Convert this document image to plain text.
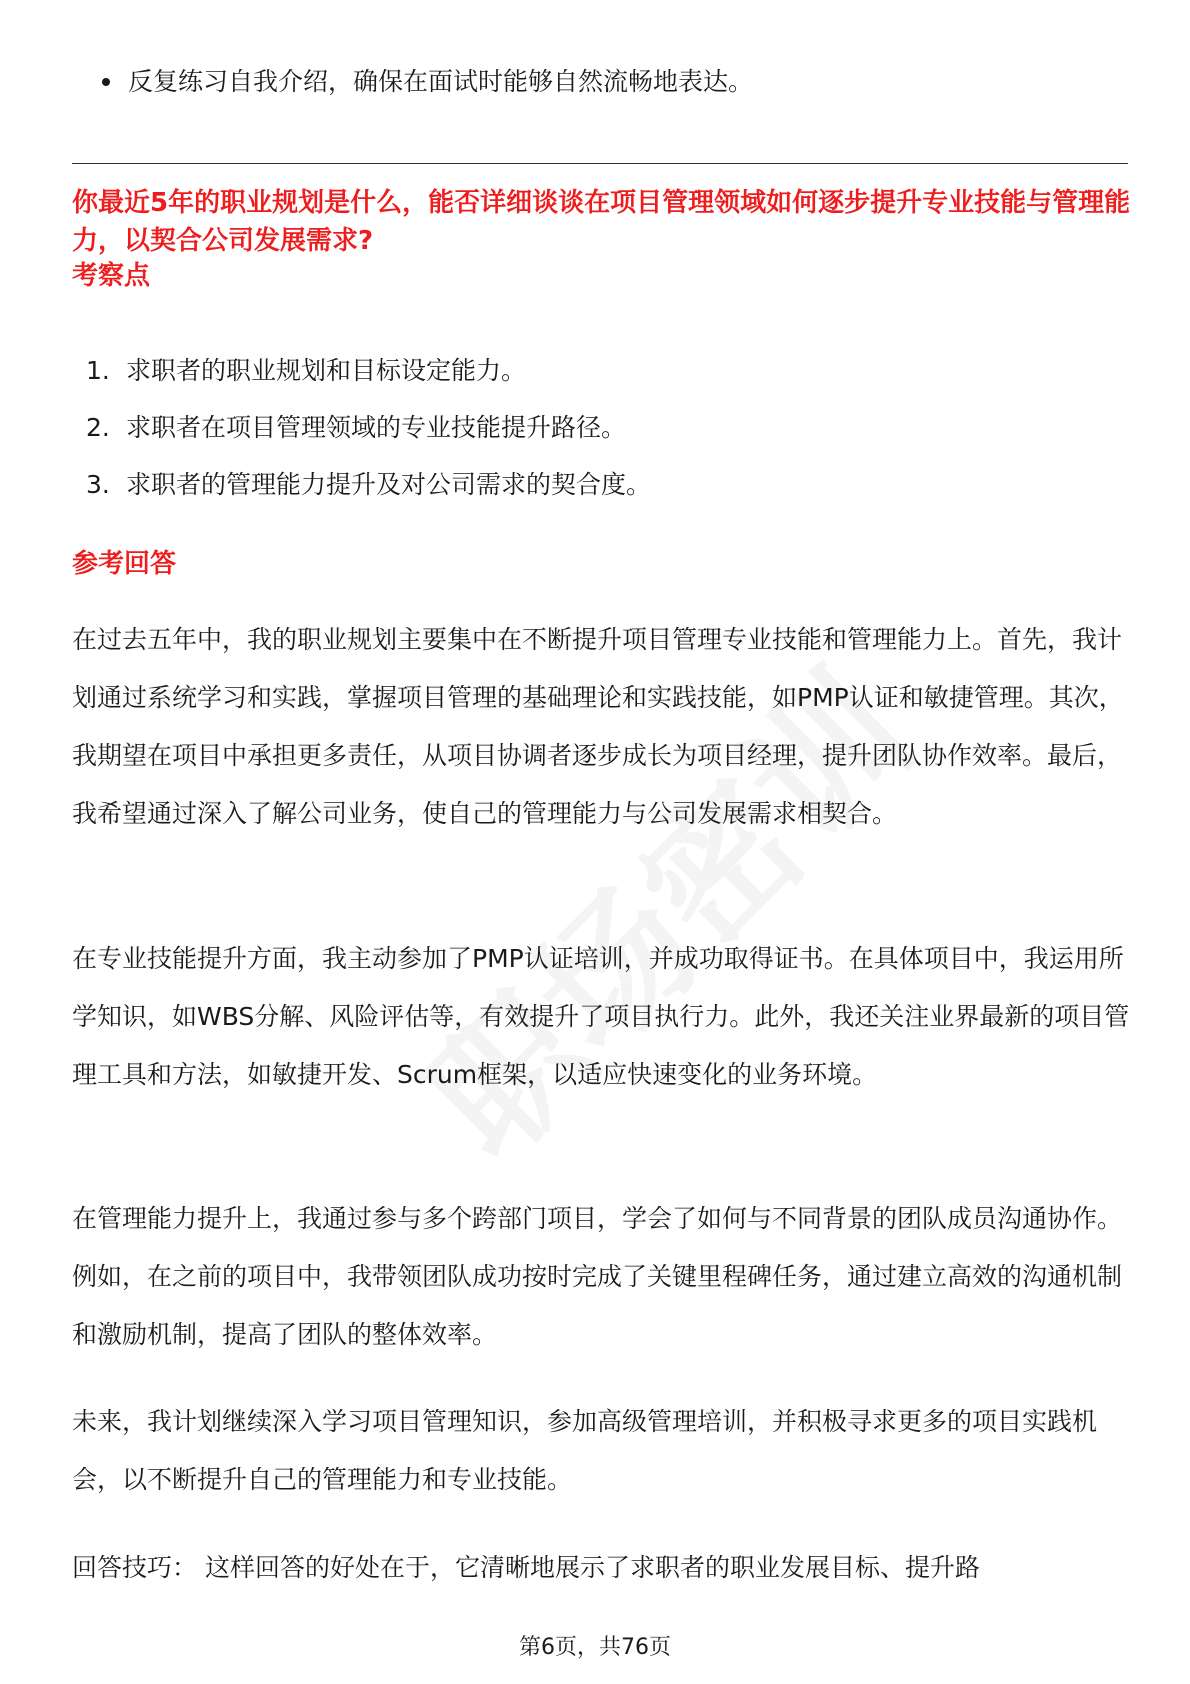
反复练习自我介绍，确保在面试时能够自然流畅地表达。
你最近5年的职业规划是什么，能否详细谈谈在项目管理领域如何逐步提升专业技能与管理能力，以契合公司发展需求?
考察点
1. 求职者的职业规划和目标设定能力。
2. 求职者在项目管理领域的专业技能提升路径。
3. 求职者的管理能力提升及对公司需求的契合度。
参考回答
在过去五年中，我的职业规划主要集中在不断提升项目管理专业技能和管理能力上。首先，我计划通过系统学习和实践，掌握项目管理的基础理论和实践技能，如PMP认证和敏捷管理。其次，我期望在项目中承担更多责任，从项目协调者逐步成长为项目经理，提升团队协作效率。最后，我希望通过深入了解公司业务，使自己的管理能力与公司发展需求相契合。
在专业技能提升方面，我主动参加了PMP认证培训，并成功取得证书。在具体项目中，我运用所学知识，如WBS分解、风险评估等，有效提升了项目执行力。此外，我还关注业界最新的项目管理工具和方法，如敏捷开发、Scrum框架，以适应快速变化的业务环境。
在管理能力提升上，我通过参与多个跨部门项目，学会了如何与不同背景的团队成员沟通协作。例如，在之前的项目中，我带领团队成功按时完成了关键里程碑任务，通过建立高效的沟通机制和激励机制，提高了团队的整体效率。
未来，我计划继续深入学习项目管理知识，参加高级管理培训，并积极寻求更多的项目实践机会，以不断提升自己的管理能力和专业技能。
回答技巧： 这样回答的好处在于，它清晰地展示了求职者的职业发展目标、提升路
第6页，共76页
